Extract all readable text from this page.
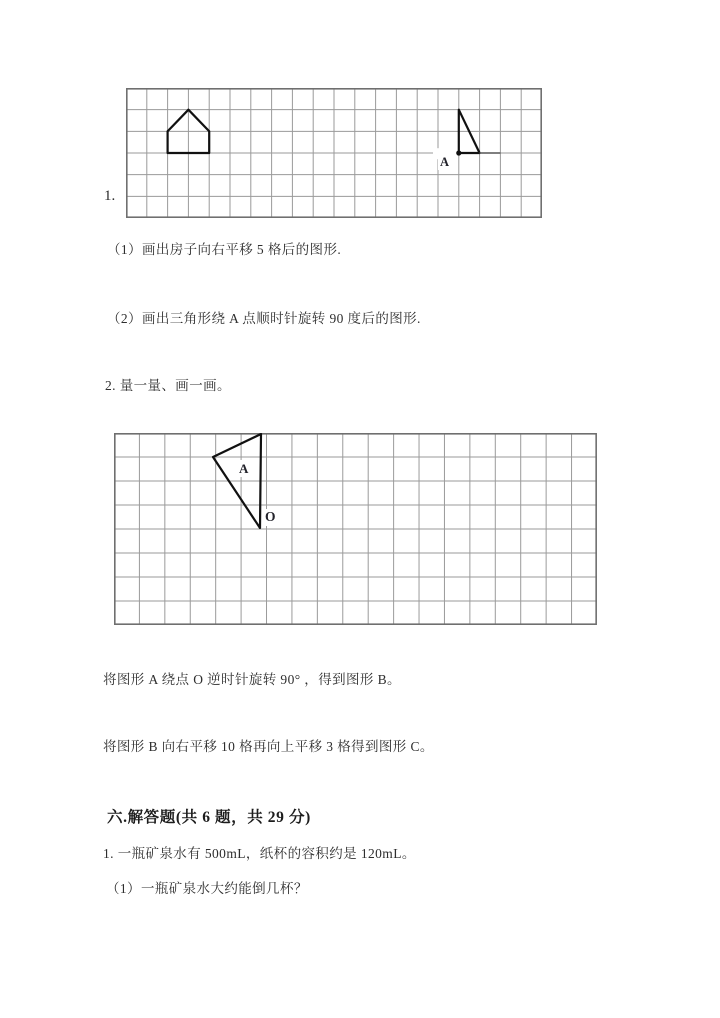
1.
A
（1）画出房子向右平移 5 格后的图形.
（2）画出三角形绕 A 点顺时针旋转 90 度后的图形.
2. 量一量、画一画。
A
O
将图形 A 绕点 O 逆时针旋转 90° ，得到图形 B。
将图形 B 向右平移 10 格再向上平移 3 格得到图形 C。
六.解答题(共 6 题，共 29 分)
1. 一瓶矿泉水有 500mL，纸杯的容积约是 120mL。
（1）一瓶矿泉水大约能倒几杯？
